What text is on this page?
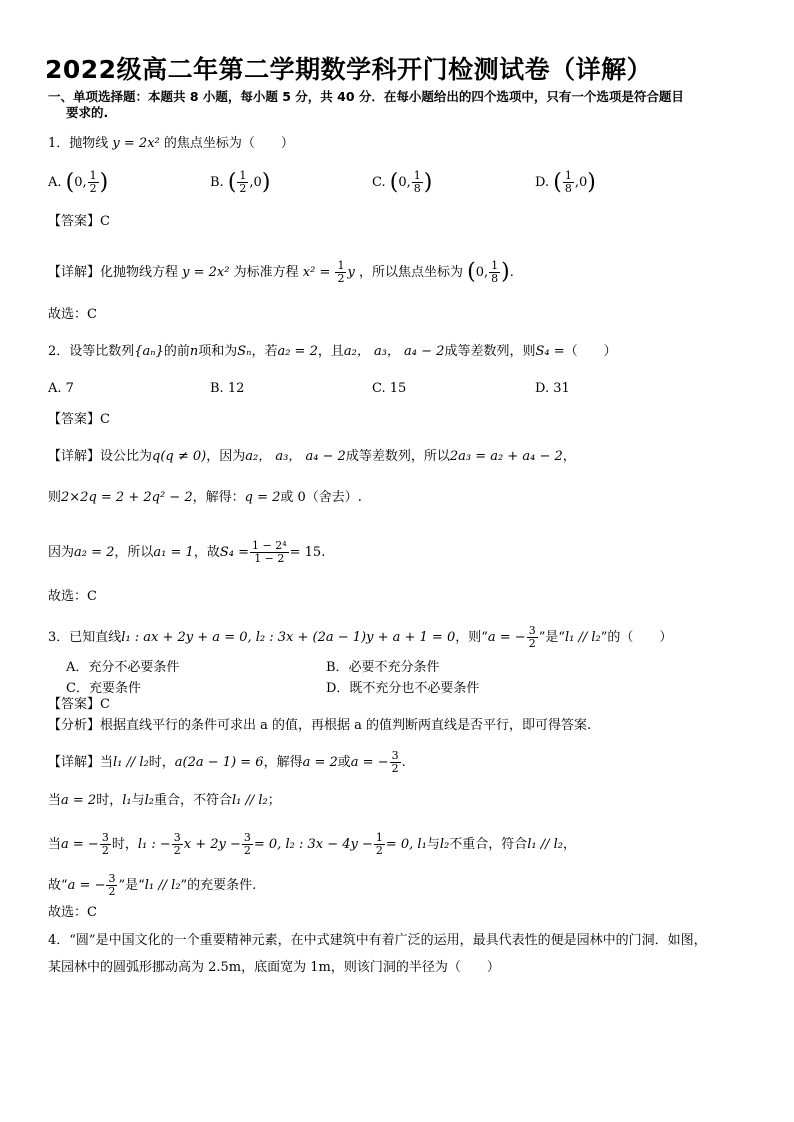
2022级高二年第二学期数学科开门检测试卷（详解）
一、单项选择题：本题共 8 小题，每小题 5 分，共 40 分．在每小题给出的四个选项中，只有一个选项是符合题目
要求的.
1．抛物线 y = 2x² 的焦点坐标为（　　）
A. (0, $\frac{1}{2}$ )	B. ( $\frac{1}{2} ,0$)	C. (0, $\frac{1}{8}$ )	D. ( $\frac{1}{8} ,0$)
【答案】C
【详解】化抛物线方程 y = 2x² 为标准方程 $x^2 = \frac{1}{2}$ y ，所以焦点坐标为 (0, $\frac{1}{8}$ ).
故选：C
2．设等比数列{aₙ}的前n项和为Sₙ，若a₂ = 2，且a₂， a₃， a₄ − 2成等差数列，则S₄ =（　　）
A. 7	B. 12	C. 15	D. 31
【答案】C
【详解】设公比为q(q ≠ 0)，因为a₂， a₃， a₄ − 2成等差数列，所以2a₃ = a₂ + a₄ − 2，
则2×2q = 2 + 2q² − 2，解得：q = 2或 0（舍去）.
因为a₂ = 2，所以a₁ = 1，故$S_4 = \frac{\text{1 − 2⁴}}{1 - 2} = 15$.
故选：C
3．已知直线l₁ : ax + 2y + a = 0, l₂ : 3x + (2a − 1)y + a + 1 = 0，则“a = − $\frac{3}{2}$ ”是“l₁ // l₂”的（　　）
A．充分不必要条件	B．必要不充分条件
C．充要条件	D．既不充分也不必要条件
【答案】C
【分析】根据直线平行的条件可求出 a 的值，再根据 a 的值判断两直线是否平行，即可得答案.
【详解】当l₁ // l₂时，a(2a − 1) = 6，解得a = 2或a = − $\frac{3}{2}$ .
当a = 2时，l₁与l₂重合，不符合l₁ // l₂；
当a = − $\frac{3}{2}$ 时，l₁ : − $\frac{3}{2}$ $x + 2y - \frac{3}{2} = 0$, l₂ : $3x - 4y - \frac{1}{2} = 0$, l₁与l₂不重合，符合l₁ // l₂，
故“a = − $\frac{3}{2}$ ”是“l₁ // l₂”的充要条件.
故选：C
4．“圆”是中国文化的一个重要精神元素，在中式建筑中有着广泛的运用，最具代表性的便是园林中的门洞．如图，
某园林中的圆弧形挪动高为 2.5m，底面宽为 1m，则该门洞的半径为（　　）
